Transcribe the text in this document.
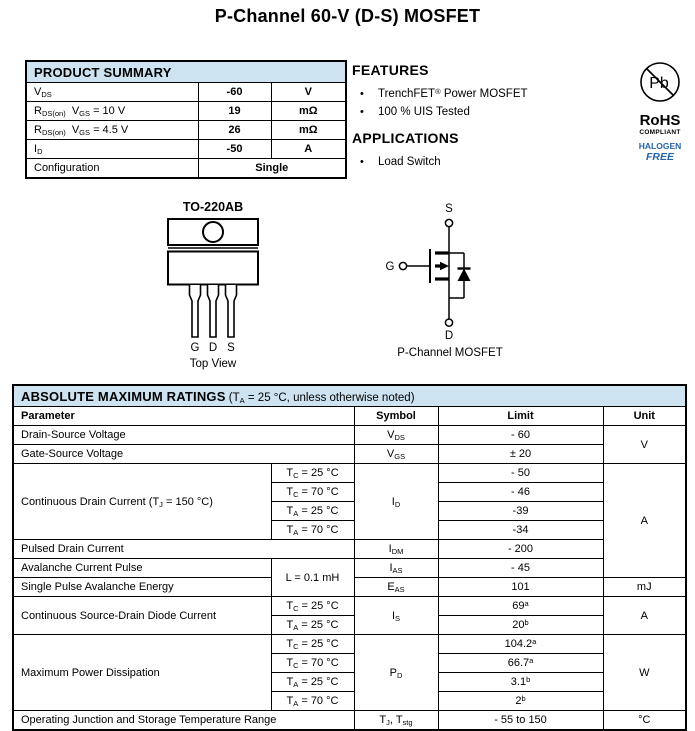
P-Channel 60-V (D-S) MOSFET
PRODUCT SUMMARY		
$V_{DS}$	-60	V
$R_{DS(on)}$  $V_{GS} = 10$ V	19	mΩ
$R_{DS(on)}$  $V_{GS} = 4.5$ V	26	mΩ
$I_D$	-50	A
Configuration	Single	
FEATURES
• TrenchFET® Power MOSFET
• 100 % UIS Tested
APPLICATIONS
• Load Switch
Pb
RoHS
COMPLIANT
HALOGEN
FREE
TO-220AB
G D S
Top View
S
G
D
P-Channel MOSFET
ABSOLUTE MAXIMUM RATINGS ($T_A = 25$ °C, unless otherwise noted)				
Parameter		Symbol	Limit	Unit
Drain-Source Voltage		$V_{DS}$	- 60	V
Gate-Source Voltage		$V_{GS}$	± 20	
Continuous Drain Current ($T_J = 150$ °C)	$T_C = 25$ °C	$I_D$	- 50	A
	$T_C = 70$ °C		- 46	
	$T_A = 25$ °C		-39	
	$T_A = 70$ °C		-34	
Pulsed Drain Current		$I_{DM}$	- 200	
Avalanche Current Pulse	L = 0.1 mH	$I_{AS}$	- 45	
Single Pulse Avalanche Energy		$E_{AS}$	101	mJ
Continuous Source-Drain Diode Current	$T_C = 25$ °C	$I_S$	69$^a$	A
	$T_A = 25$ °C		20$^b$
Maximum Power Dissipation	$T_C = 25$ °C	$P_D$	104.2$^a$	W
	$T_C = 70$ °C		66.7$^a$
	$T_A = 25$ °C		3.1$^b$
	$T_A = 70$ °C		2$^b$
Operating Junction and Storage Temperature Range		$T_J$, $T_{stg}$	- 55 to 150	°C
